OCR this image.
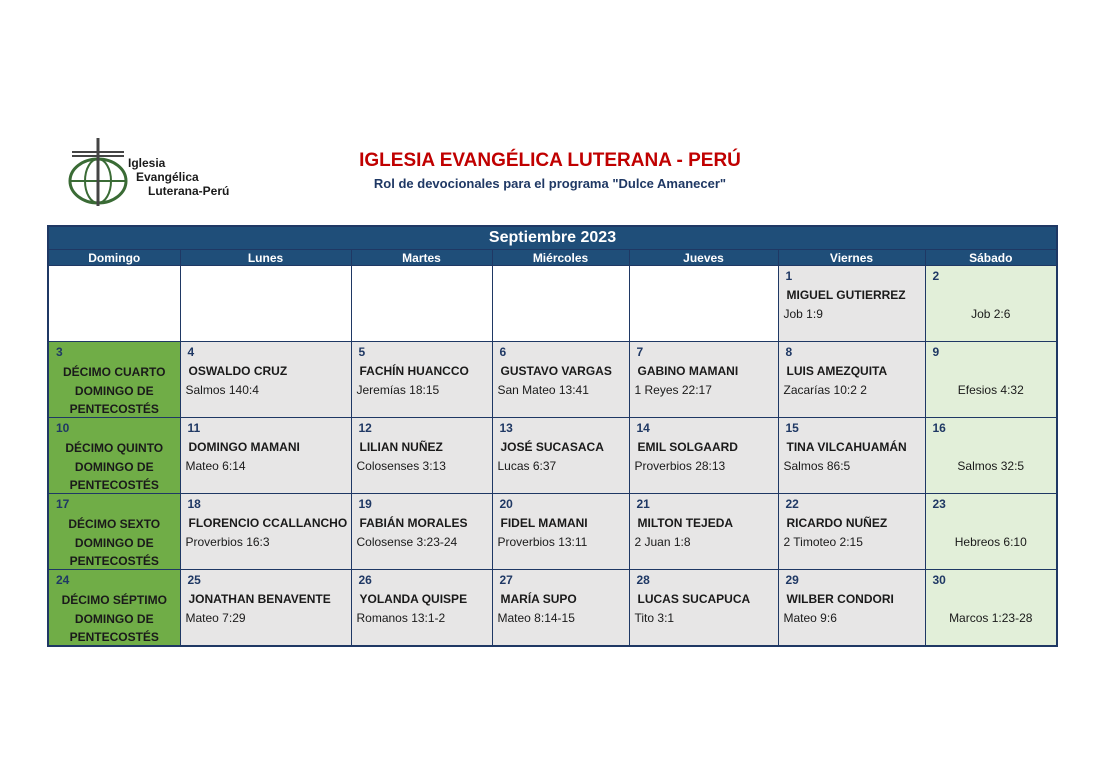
Iglesia
Evangélica
Luterana-Perú
IGLESIA EVANGÉLICA LUTERANA - PERÚ
Rol de devocionales para el programa "Dulce Amanecer"
Septiembre 2023						
Domingo	Lunes	Martes	Miércoles	Jueves	Viernes	Sábado

					1
MIGUEL GUTIERREZ
Job 1:9	2
Job 2:6

3
DÉCIMO CUARTO
DOMINGO DE
PENTECOSTÉS	4
OSWALDO CRUZ
Salmos 140:4	5
FACHÍN HUANCCO
Jeremías 18:15	6
GUSTAVO VARGAS
San Mateo 13:41	7
GABINO MAMANI
1 Reyes 22:17	8
LUIS AMEZQUITA
Zacarías 10:2 2	9
Efesios 4:32

10
DÉCIMO QUINTO
DOMINGO DE
PENTECOSTÉS	11
DOMINGO MAMANI
Mateo 6:14	12
LILIAN NUÑEZ
Colosenses 3:13	13
JOSÉ SUCASACA
Lucas 6:37	14
EMIL SOLGAARD
Proverbios 28:13	15
TINA VILCAHUAMÁN
Salmos 86:5	16
Salmos 32:5

17
DÉCIMO SEXTO
DOMINGO DE
PENTECOSTÉS	18
FLORENCIO CCALLANCHO
Proverbios 16:3	19
FABIÁN MORALES
Colosense 3:23-24	20
FIDEL MAMANI
Proverbios 13:11	21
MILTON TEJEDA
2 Juan 1:8	22
RICARDO NUÑEZ
2 Timoteo 2:15	23
Hebreos 6:10

24
DÉCIMO SÉPTIMO
DOMINGO DE
PENTECOSTÉS	25
JONATHAN BENAVENTE
Mateo 7:29	26
YOLANDA QUISPE
Romanos 13:1-2	27
MARÍA SUPO
Mateo 8:14-15	28
LUCAS SUCAPUCA
Tito 3:1	29
WILBER CONDORI
Mateo 9:6	30
Marcos 1:23-28
